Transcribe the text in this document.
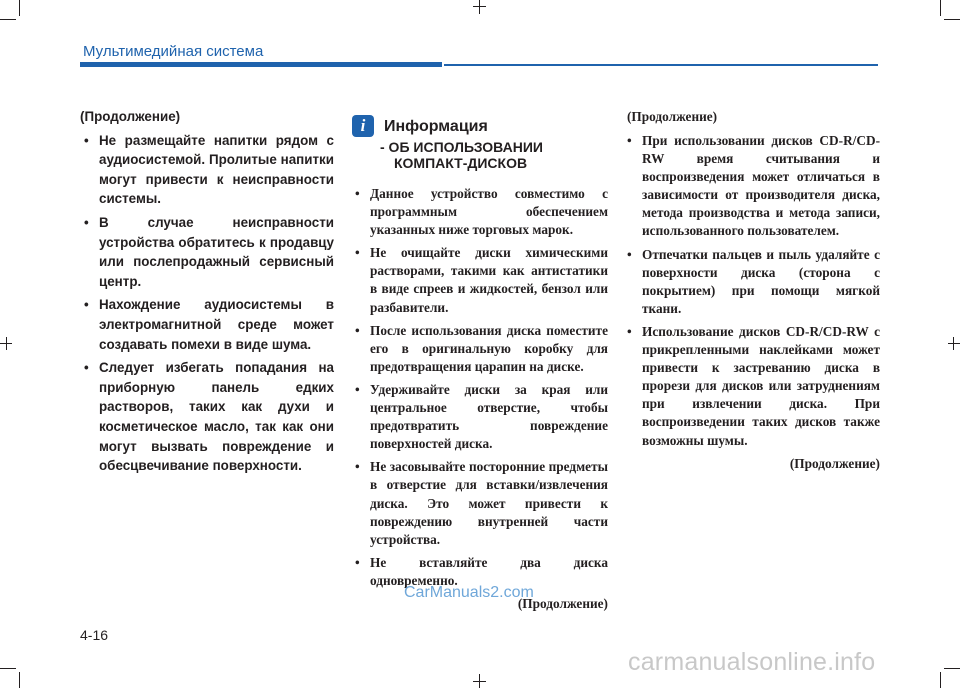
Мультимедийная система
(Продолжение)
• Не размещайте напитки рядом с аудиосистемой. Пролитые напитки могут привести к неисправности системы.
• В случае неисправности устройства обратитесь к продавцу или послепродажный сервисный центр.
• Нахождение аудиосистемы в электромагнитной среде может создавать помехи в виде шума.
• Следует избегать попадания на приборную панель едких растворов, таких как духи и косметическое масло, так как они могут вызвать повреждение и обесцвечивание поверхности.
i	Информация
- ОБ ИСПОЛЬЗОВАНИИ КОМПАКТ-ДИСКОВ
• Данное устройство совместимо с программным обеспечением указанных ниже торговых марок.
• Не очищайте диски химическими растворами, такими как антистатики в виде спреев и жидкостей, бензол или разбавители.
• После использования диска поместите его в оригинальную коробку для предотвращения царапин на диске.
• Удерживайте диски за края или центральное отверстие, чтобы предотвратить повреждение поверхностей диска.
• Не засовывайте посторонние предметы в отверстие для вставки/извлечения диска. Это может привести к повреждению внутренней части устройства.
• Не вставляйте два диска одновременно.
(Продолжение)
(Продолжение)
• При использовании дисков CD-R/CD-RW время считывания и воспроизведения может отличаться в зависимости от производителя диска, метода производства и метода записи, использованного пользователем.
• Отпечатки пальцев и пыль удаляйте с поверхности диска (сторона с покрытием) при помощи мягкой ткани.
• Использование дисков CD-R/CD-RW с прикрепленными наклейками может привести к застреванию диска в прорези для дисков или затруднениям при извлечении диска. При воспроизведении таких дисков также возможны шумы.
(Продолжение)
CarManuals2.com
4-16
carmanualsonline.info
